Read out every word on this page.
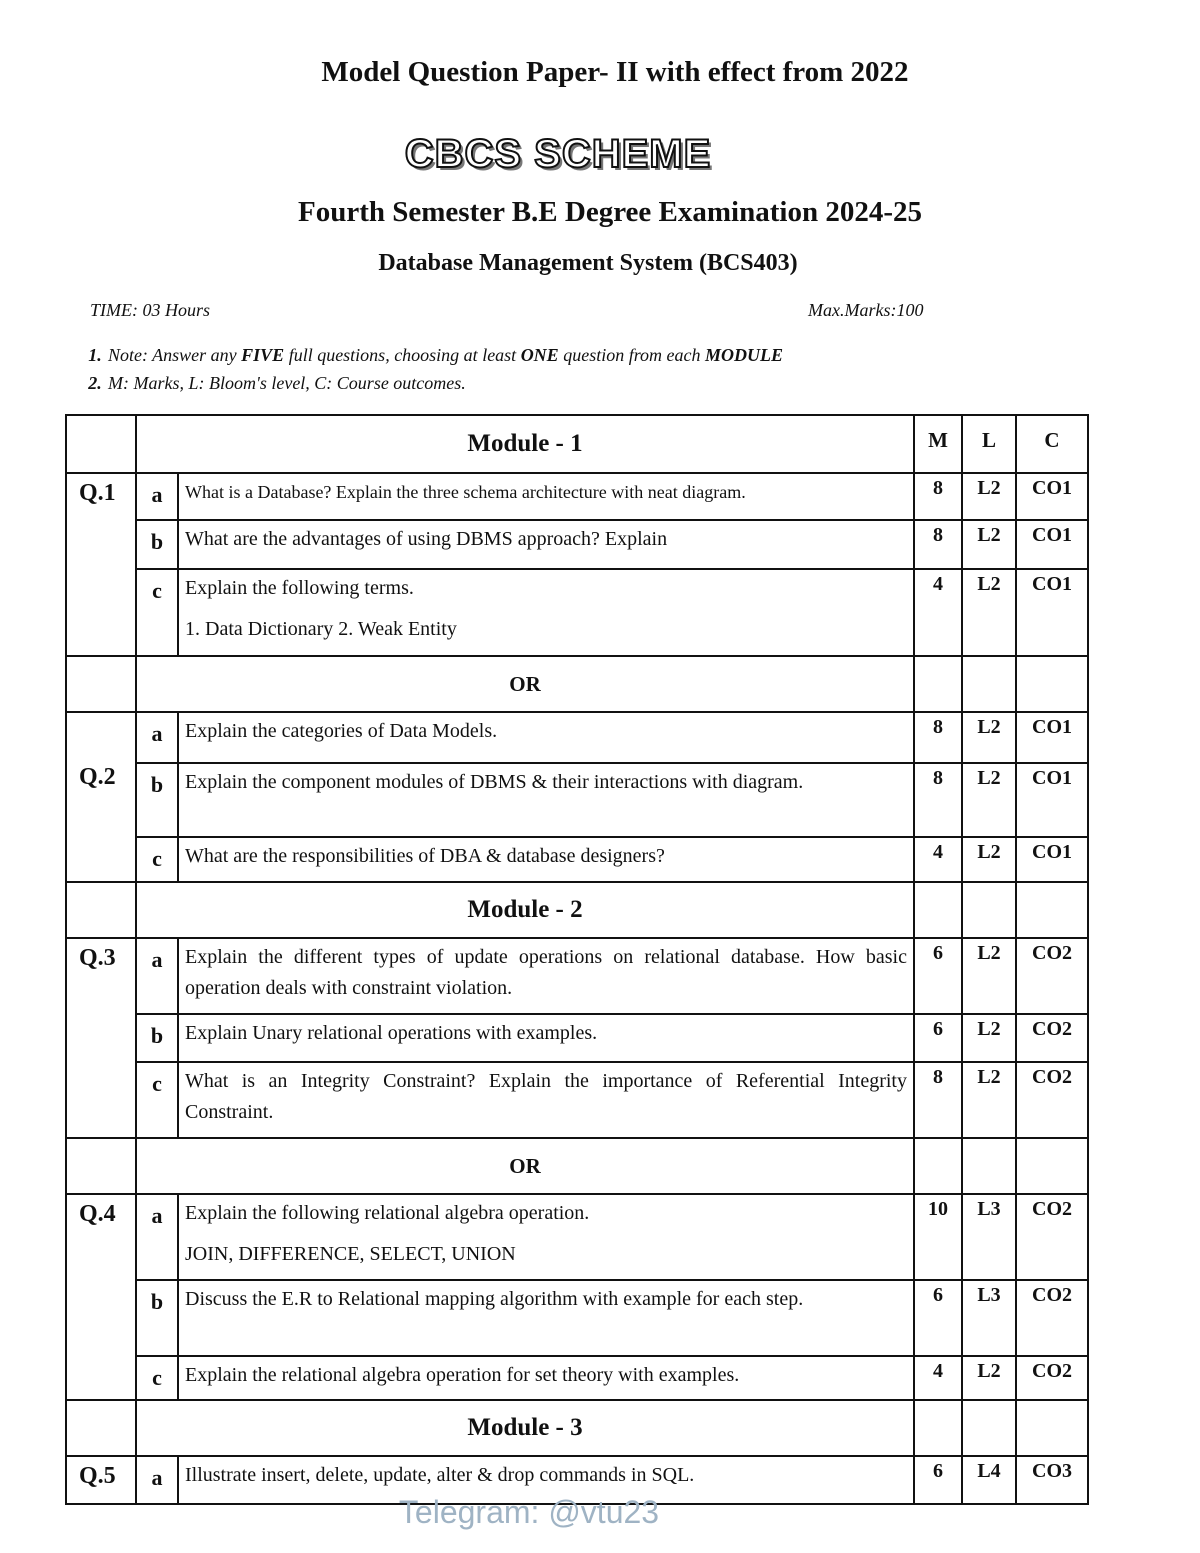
Model Question Paper- II with effect from 2022
CBCS SCHEME
Fourth Semester B.E Degree Examination 2024-25
Database Management System (BCS403)
TIME: 03 Hours	Max.Marks:100
1. Note: Answer any FIVE full questions, choosing at least ONE question from each MODULE
2. M: Marks, L: Bloom's level, C: Course outcomes.
	Module - 1		M	L	C
Q.1	a	What is a Database? Explain the three schema architecture with neat diagram.	8	L2	CO1
	b	What are the advantages of using DBMS approach? Explain	8	L2	CO1
	c	Explain the following terms.
1. Data Dictionary 2. Weak Entity	4	L2	CO1
	OR				
Q.2	a	Explain the categories of Data Models.	8	L2	CO1
	b	Explain the component modules of DBMS & their interactions with diagram.	8	L2	CO1
	c	What are the responsibilities of DBA & database designers?	4	L2	CO1
	Module - 2				
Q.3	a	Explain the different types of update operations on relational database. How basic operation deals with constraint violation.	6	L2	CO2
	b	Explain Unary relational operations with examples.	6	L2	CO2
	c	What is an Integrity Constraint? Explain the importance of Referential Integrity Constraint.	8	L2	CO2
	OR				
Q.4	a	Explain the following relational algebra operation.
JOIN, DIFFERENCE, SELECT, UNION	10	L3	CO2
	b	Discuss the E.R to Relational mapping algorithm with example for each step.	6	L3	CO2
	c	Explain the relational algebra operation for set theory with examples.	4	L2	CO2
	Module - 3				
Q.5	a	Illustrate insert, delete, update, alter & drop commands in SQL.	6	L4	CO3
Telegram: @vtu23
